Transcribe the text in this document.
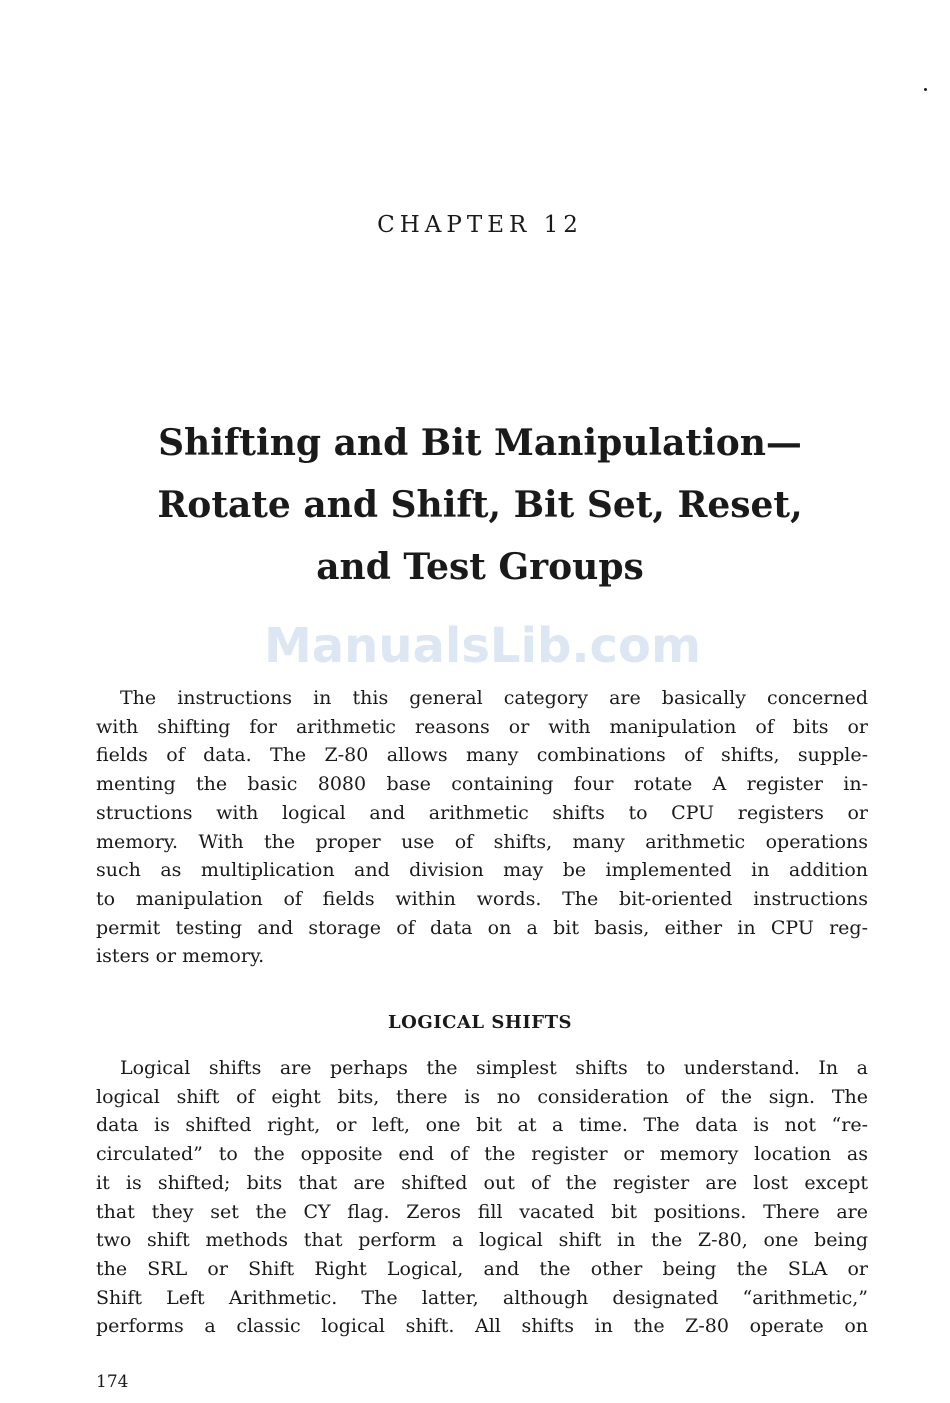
CHAPTER 12
Shifting and Bit Manipulation—
Rotate and Shift, Bit Set, Reset,
and Test Groups
ManualsLib.com
The instructions in this general category are basically concerned
with shifting for arithmetic reasons or with manipulation of bits or
fields of data. The Z-80 allows many combinations of shifts, supple-
menting the basic 8080 base containing four rotate A register in-
structions with logical and arithmetic shifts to CPU registers or
memory. With the proper use of shifts, many arithmetic operations
such as multiplication and division may be implemented in addition
to manipulation of fields within words. The bit-oriented instructions
permit testing and storage of data on a bit basis, either in CPU reg-
isters or memory.
LOGICAL SHIFTS
Logical shifts are perhaps the simplest shifts to understand. In a
logical shift of eight bits, there is no consideration of the sign. The
data is shifted right, or left, one bit at a time. The data is not “re-
circulated” to the opposite end of the register or memory location as
it is shifted; bits that are shifted out of the register are lost except
that they set the CY flag. Zeros fill vacated bit positions. There are
two shift methods that perform a logical shift in the Z-80, one being
the SRL or Shift Right Logical, and the other being the SLA or
Shift Left Arithmetic. The latter, although designated “arithmetic,”
performs a classic logical shift. All shifts in the Z-80 operate on
174
